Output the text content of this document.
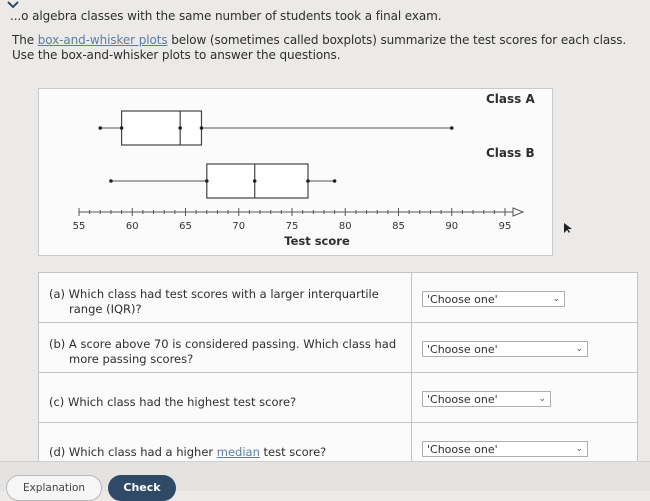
...o algebra classes with the same number of students took a final exam.
The box-and-whisker plots below (sometimes called boxplots) summarize the test scores for each class.
Use the box-and-whisker plots to answer the questions.
Class A
Class B
55	60	65	70	75	80	85	90	95
Test score
(a) Which class had test scores with a larger interquartile range (IQR)?	'Choose one' ⌄

(b) A score above 70 is considered passing. Which class had more passing scores?	'Choose one' ⌄

(c) Which class had the highest test score?	'Choose one' ⌄

(d) Which class had a higher median test score?	'Choose one' ⌄
Explanation	Check
